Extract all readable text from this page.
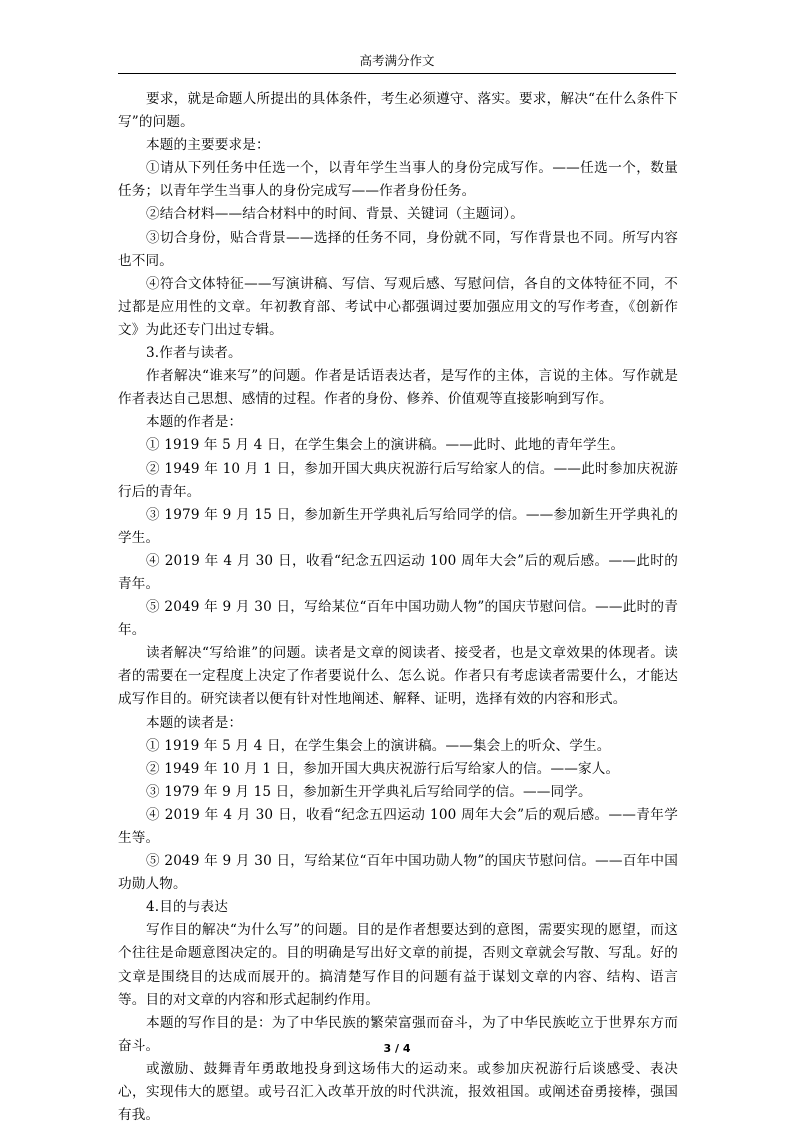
高考满分作文

要求，就是命题人所提出的具体条件，考生必须遵守、落实。要求，解决“在什么条件下写”的问题。

本题的主要要求是：

①请从下列任务中任选一个，以青年学生当事人的身份完成写作。——任选一个，数量任务；以青年学生当事人的身份完成写——作者身份任务。

②结合材料——结合材料中的时间、背景、关键词（主题词）。

③切合身份，贴合背景——选择的任务不同，身份就不同，写作背景也不同。所写内容也不同。

④符合文体特征——写演讲稿、写信、写观后感、写慰问信，各自的文体特征不同，不过都是应用性的文章。年初教育部、考试中心都强调过要加强应用文的写作考查，《创新作文》为此还专门出过专辑。

3.作者与读者。

作者解决“谁来写”的问题。作者是话语表达者，是写作的主体，言说的主体。写作就是作者表达自己思想、感情的过程。作者的身份、修养、价值观等直接影响到写作。

本题的作者是：

① 1919 年 5 月 4 日，在学生集会上的演讲稿。——此时、此地的青年学生。

② 1949 年 10 月 1 日，参加开国大典庆祝游行后写给家人的信。——此时参加庆祝游行后的青年。

③ 1979 年 9 月 15 日，参加新生开学典礼后写给同学的信。——参加新生开学典礼的学生。

④ 2019 年 4 月 30 日，收看“纪念五四运动 100 周年大会”后的观后感。——此时的青年。

⑤ 2049 年 9 月 30 日，写给某位“百年中国功勋人物”的国庆节慰问信。——此时的青年。

读者解决“写给谁”的问题。读者是文章的阅读者、接受者，也是文章效果的体现者。读者的需要在一定程度上决定了作者要说什么、怎么说。作者只有考虑读者需要什么，才能达成写作目的。研究读者以便有针对性地阐述、解释、证明，选择有效的内容和形式。

本题的读者是：

① 1919 年 5 月 4 日，在学生集会上的演讲稿。——集会上的听众、学生。

② 1949 年 10 月 1 日，参加开国大典庆祝游行后写给家人的信。——家人。

③ 1979 年 9 月 15 日，参加新生开学典礼后写给同学的信。——同学。

④ 2019 年 4 月 30 日，收看“纪念五四运动 100 周年大会”后的观后感。——青年学生等。

⑤ 2049 年 9 月 30 日，写给某位“百年中国功勋人物”的国庆节慰问信。——百年中国功勋人物。

4.目的与表达

写作目的解决“为什么写”的问题。目的是作者想要达到的意图，需要实现的愿望，而这个往往是命题意图决定的。目的明确是写出好文章的前提，否则文章就会写散、写乱。好的文章是围绕目的达成而展开的。搞清楚写作目的问题有益于谋划文章的内容、结构、语言等。目的对文章的内容和形式起制约作用。

本题的写作目的是：为了中华民族的繁荣富强而奋斗，为了中华民族屹立于世界东方而奋斗。

或激励、鼓舞青年勇敢地投身到这场伟大的运动来。或参加庆祝游行后谈感受、表决心，实现伟大的愿望。或号召汇入改革开放的时代洪流，报效祖国。或阐述奋勇接棒，强国有我。

3 / 4
